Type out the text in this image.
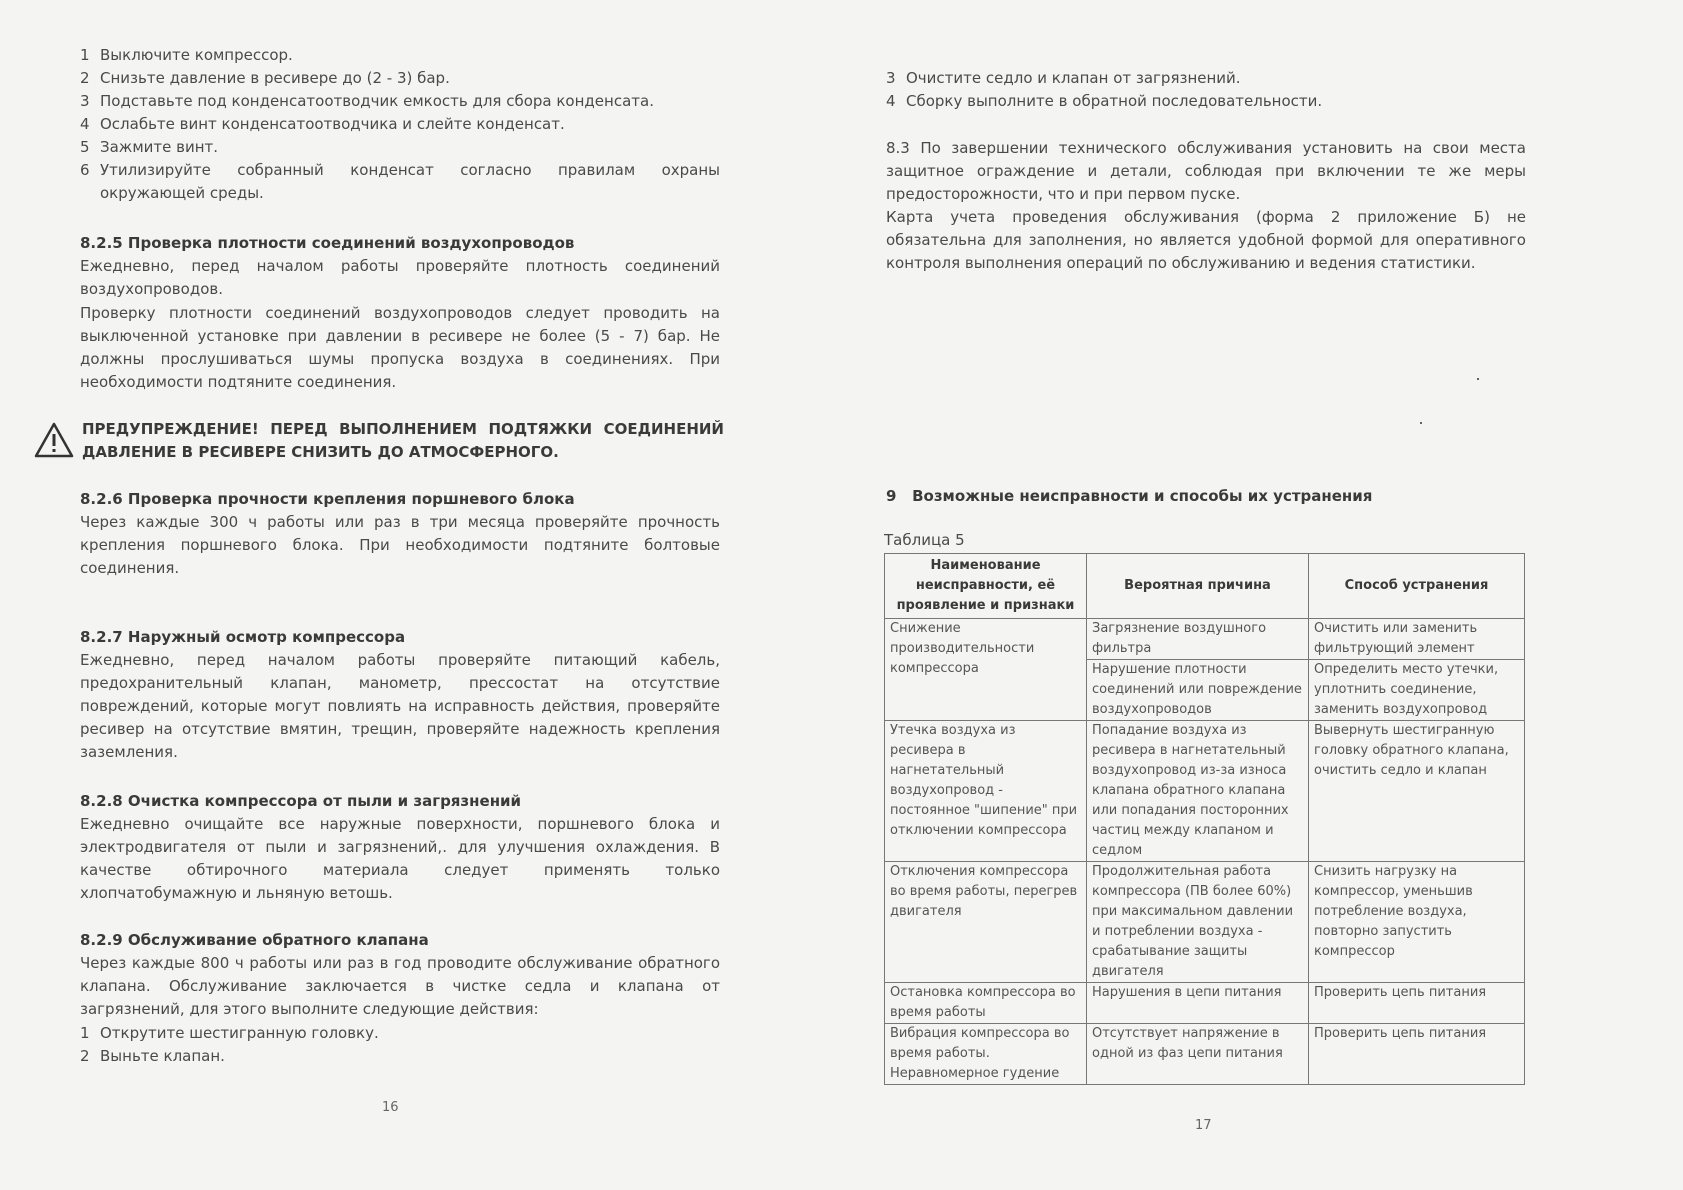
1 Выключите компрессор.
2 Снизьте давление в ресивере до (2 - 3) бар.
3 Подставьте под конденсатоотводчик емкость для сбора конденсата.
4 Ослабьте винт конденсатоотводчика и слейте конденсат.
5 Зажмите винт.
6 Утилизируйте собранный конденсат согласно правилам охраны окружающей среды.
8.2.5 Проверка плотности соединений воздухопроводов
Ежедневно, перед началом работы проверяйте плотность соединений воздухопроводов.
Проверку плотности соединений воздухопроводов следует проводить на выключенной установке при давлении в ресивере не более (5 - 7) бар. Не должны прослушиваться шумы пропуска воздуха в соединениях. При необходимости подтяните соединения.
ПРЕДУПРЕЖДЕНИЕ! ПЕРЕД ВЫПОЛНЕНИЕМ ПОДТЯЖКИ СОЕДИНЕНИЙ ДАВЛЕНИЕ В РЕСИВЕРЕ СНИЗИТЬ ДО АТМОСФЕРНОГО.
8.2.6 Проверка прочности крепления поршневого блока
Через каждые 300 ч работы или раз в три месяца проверяйте прочность крепления поршневого блока. При необходимости подтяните болтовые соединения.
8.2.7 Наружный осмотр компрессора
Ежедневно, перед началом работы проверяйте питающий кабель, предохранительный клапан, манометр, прессостат на отсутствие повреждений, которые могут повлиять на исправность действия, проверяйте ресивер на отсутствие вмятин, трещин, проверяйте надежность крепления заземления.
8.2.8 Очистка компрессора от пыли и загрязнений
Ежедневно очищайте все наружные поверхности, поршневого блока и электродвигателя от пыли и загрязнений,. для улучшения охлаждения. В качестве обтирочного материала следует применять только хлопчатобумажную и льняную ветошь.
8.2.9 Обслуживание обратного клапана
Через каждые 800 ч работы или раз в год проводите обслуживание обратного клапана. Обслуживание заключается в чистке седла и клапана от загрязнений, для этого выполните следующие действия:
1 Открутите шестигранную головку.
2 Выньте клапан.
16
3 Очистите седло и клапан от загрязнений.
4 Сборку выполните в обратной последовательности.
8.3 По завершении технического обслуживания установить на свои места защитное ограждение и детали, соблюдая при включении те же меры предосторожности, что и при первом пуске.
Карта учета проведения обслуживания (форма 2 приложение Б) не обязательна для заполнения, но является удобной формой для оперативного контроля выполнения операций по обслуживанию и ведения статистики.
9   Возможные неисправности и способы их устранения
17
Таблица 5
Наименование неисправности, её проявление и признаки	Вероятная причина	Способ устранения
Снижение производительности компрессора	Загрязнение воздушного фильтра	Очистить или заменить фильтрующий элемент
	Нарушение плотности соединений или повреждение воздухопроводов	Определить место утечки, уплотнить соединение, заменить воздухопровод
Утечка воздуха из ресивера в нагнетательный воздухопровод - постоянное "шипение" при отключении компрессора	Попадание воздуха из ресивера в нагнетательный воздухопровод из-за износа клапана обратного клапана или попадания посторонних частиц между клапаном и седлом	Вывернуть шестигранную головку обратного клапана, очистить седло и клапан
Отключения компрессора во время работы, перегрев двигателя	Продолжительная работа компрессора (ПВ более 60%) при максимальном давлении и потреблении воздуха - срабатывание защиты двигателя	Снизить нагрузку на компрессор, уменьшив потребление воздуха, повторно запустить компрессор
Остановка компрессора во время работы	Нарушения в цепи питания	Проверить цепь питания
Вибрация компрессора во время работы. Неравномерное гудение	Отсутствует напряжение в одной из фаз цепи питания	Проверить цепь питания
